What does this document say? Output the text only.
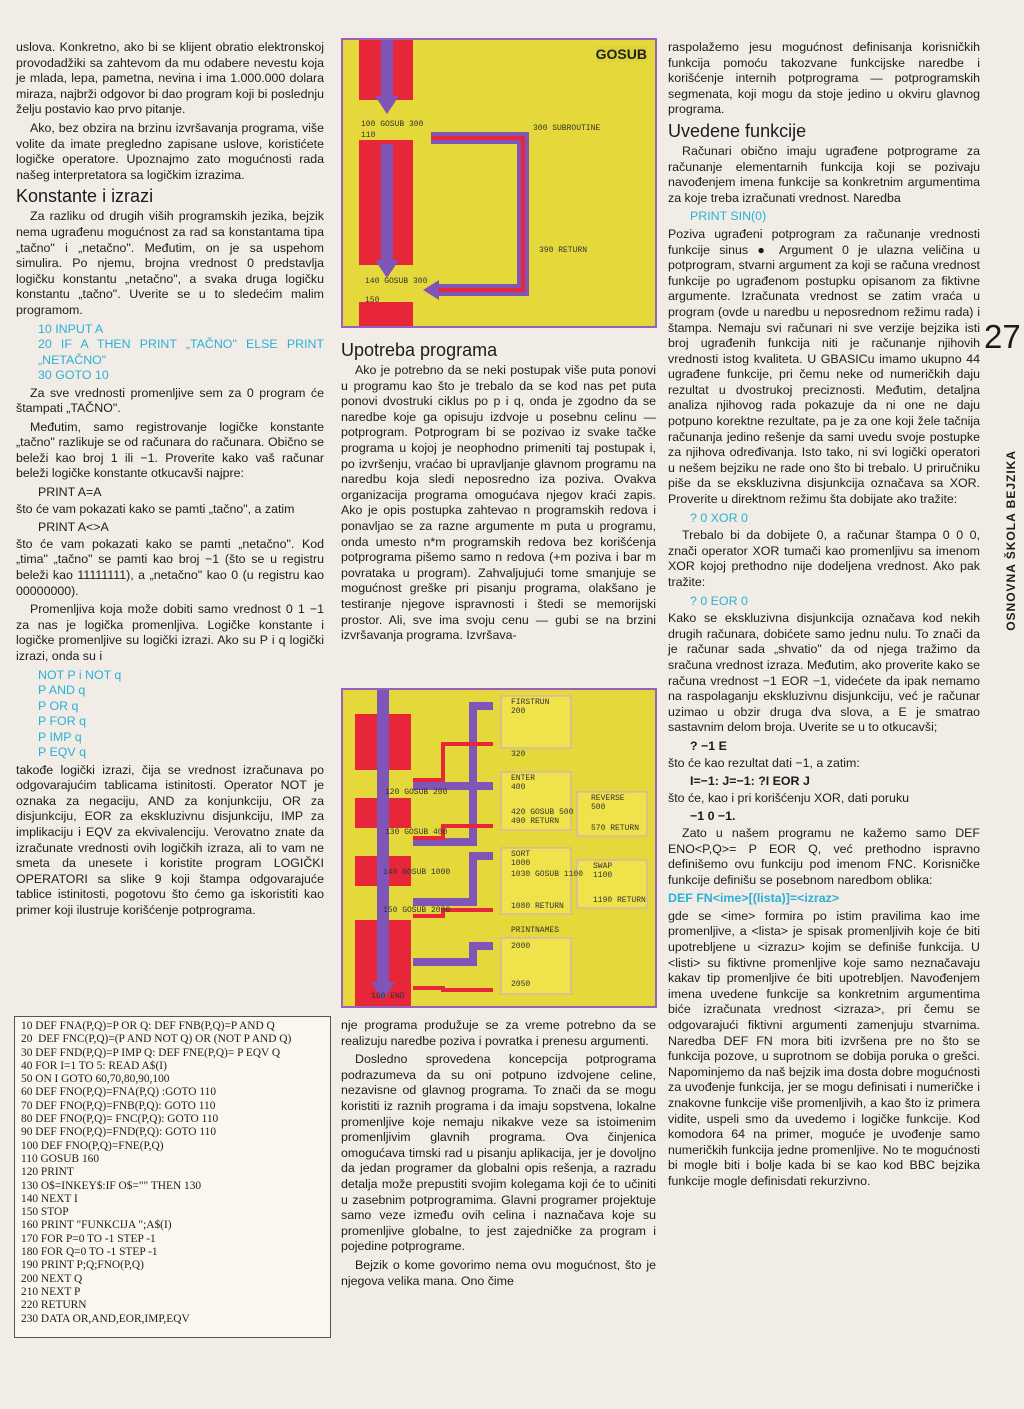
uslova. Konkretno, ako bi se klijent obratio elektronskoj provodadžiki sa zahtevom da mu odabere nevestu koja je mlada, lepa, pametna, nevina i ima 1.000.000 dolara miraza, najbrži odgovor bi dao program koji bi poslednju želju postavio kao prvo pitanje.

Ako, bez obzira na brzinu izvršavanja programa, više volite da imate pregledno zapisane uslove, koristićete logičke operatore. Upoznajmo zato mogućnosti rada našeg interpretatora sa logičkim izrazima.

Konstante i izrazi

Za razliku od drugih viših programskih jezika, bejzik nema ugrađenu mogućnost za rad sa konstantama tipa „tačno" i „netačno". Međutim, on je sa uspehom simulira. Po njemu, brojna vrednost 0 predstavlja logičku konstantu „netačno", a svaka druga logičku konstantu „tačno". Uverite se u to sledećim malim programom.

10 INPUT A
20 IF A THEN PRINT „TAČNO" ELSE PRINT „NETAČNO"
30 GOTO 10

Za sve vrednosti promenljive sem za 0 program će štampati „TAČNO".

Međutim, samo registrovanje logičke konstante „tačno" razlikuje se od računara do računara. Obično se beleži kao broj 1 ili −1. Proverite kako vaš računar beleži logičke konstante otkucavši najpre:

PRINT A=A

što će vam pokazati kako se pamti „tačno", a zatim

PRINT A<>A

što će vam pokazati kako se pamti „netačno". Kod „tima" „tačno" se pamti kao broj −1 (što se u registru beleži kao 11111111), a „netačno" kao 0 (u registru kao 00000000).

Promenljiva koja može dobiti samo vrednost 0 1 −1 za nas je logička promenljiva. Logičke konstante i logičke promenljive su logički izrazi. Ako su P i q logički izrazi, onda su i

NOT P i NOT q
P AND q
P OR q
P FOR q
P IMP q
P EQV q

takođe logički izrazi, čija se vrednost izračunava po odgovarajućim tablicama istinitosti. Operator NOT je oznaka za negaciju, AND za konjunkciju, OR za disjunkciju, EOR za ekskluzivnu disjunkciju, IMP za implikaciju i EQV za ekvivalenciju. Verovatno znate da izračunate vrednosti ovih logičkih izraza, ali to vam ne smeta da unesete i koristite program LOGIČKI OPERATORI sa slike 9 koji štampa odgovarajuće tablice istinitosti, pogotovu što ćemo ga iskoristiti kao primer koji ilustruje korišćenje potprograma.

10 DEF FNA(P,Q)=P OR Q: DEF FNB(P,Q)=P AND Q
20  DEF FNC(P,Q)=(P AND NOT Q) OR (NOT P AND Q)
30 DEF FND(P,Q)=P IMP Q: DEF FNE(P,Q)= P EQV Q
40 FOR I=1 TO 5: READ A$(I)
50 ON I GOTO 60,70,80,90,100
60 DEF FNO(P,Q)=FNA(P,Q) :GOTO 110
70 DEF FNO(P,Q)=FNB(P,Q): GOTO 110
80 DEF FNO(P,Q)= FNC(P,Q): GOTO 110
90 DEF FNO(P,Q)=FND(P,Q): GOTO 110
100 DEF FNO(P,Q)=FNE(P,Q)
110 GOSUB 160
120 PRINT
130 O$=INKEY$:IF O$="" THEN 130
140 NEXT I
150 STOP
160 PRINT "FUNKCIJA ";A$(I)
170 FOR P=0 TO -1 STEP -1
180 FOR Q=0 TO -1 STEP -1
190 PRINT P;Q;FNO(P,Q)
200 NEXT Q
210 NEXT P
220 RETURN
230 DATA OR,AND,EOR,IMP,EQV
GOSUB
100 GOSUB 300
110
300 SUBROUTINE
390 RETURN
140 GOSUB 300
150
Upotreba programa

Ako je potrebno da se neki postupak više puta ponovi u programu kao što je trebalo da se kod nas pet puta ponovi dvostruki ciklus po p i q, onda je zgodno da se naredbe koje ga opisuju izdvoje u posebnu celinu — potprogram. Potprogram bi se pozivao iz svake tačke programa u kojoj je neophodno primeniti taj postupak i, po izvršenju, vraćao bi upravljanje glavnom programu na naredbu koja sledi neposredno iza poziva. Ovakva organizacija programa omogućava njegov kraći zapis. Ako je opis postupka zahtevao n programskih redova i ponavljao se za razne argumente m puta u programu, onda umesto n*m programskih redova bez korišćenja potprograma pišemo samo n redova (+m poziva i bar m povrataka u program). Zahvaljujući tome smanjuje se mogućnost greške pri pisanju programa, olakšano je testiranje njegove ispravnosti i štedi se memorijski prostor. Ali, sve ima svoju cenu — gubi se na brzini izvršavanja programa. Izvršava-

FIRSTRUN
200
320
ENTER
400
120 GOSUB 200
420 GOSUB 500
490 RETURN
REVERSE
500
570 RETURN
130 GOSUB 400
SORT
1000
1030 GOSUB 1100
SWAP
1100
1190 RETURN
140 GOSUB 1000
1080 RETURN
PRINTNAMES
2000
150 GOSUB 2000
2050
160 END

nje programa produžuje se za vreme potrebno da se realizuju naredbe poziva i povratka i prenesu argumenti.

Dosledno sprovedena koncepcija potprograma podrazumeva da su oni potpuno izdvojene celine, nezavisne od glavnog programa. To znači da se mogu koristiti iz raznih programa i da imaju sopstvena, lokalne promenljive koje nemaju nikakve veze sa istoimenim promenljivim glavnih programa. Ova činjenica omogućava timski rad u pisanju aplikacija, jer je dovoljno da jedan programer da globalni opis rešenja, a razradu detalja može prepustiti svojim kolegama koji će to učiniti u zasebnim potprogramima. Glavni programer projektuje samo veze između ovih celina i naznačava koje su promenljive globalne, to jest zajedničke za program i pojedine potprograme.

Bejzik o kome govorimo nema ovu mogućnost, što je njegova velika mana. Ono čime

raspolažemo jesu mogućnost definisanja korisničkih funkcija pomoću takozvane funkcijske naredbe i korišćenje internih potprograma — potprogramskih segmenata, koji mogu da stoje jedino u okviru glavnog programa.

Uvedene funkcije

Računari obično imaju ugrađene potprograme za računanje elementarnih funkcija koji se pozivaju navođenjem imena funkcije sa konkretnim argumentima za koje treba izračunati vrednost. Naredba

PRINT SIN(0)

Poziva ugrađeni potprogram za računanje vrednosti funkcije sinus ● Argument 0 je ulazna veličina u potprogram, stvarni argument za koji se računa vrednost funkcije po ugrađenom postupku opisanom za fiktivne argumente. Izračunata vrednost se zatim vraća u program (ovde u naredbu u neposrednom režimu rada) i štampa. Nemaju svi računari ni sve verzije bejzika isti broj ugrađenih funkcija niti je računanje njihovih vrednosti istog kvaliteta. U GBASICu imamo ukupno 44 ugrađene funkcije, pri čemu neke od numeričkih daju rezultat u dvostrukoj preciznosti. Međutim, detaljna analiza njihovog rada pokazuje da ni one ne daju potpuno korektne rezultate, pa je za one koji žele tačnija računanja jedino rešenje da sami uvedu svoje postupke za njihova određivanja. Isto tako, ni svi logički operatori u nešem bejziku ne rade ono što bi trebalo. U priručniku piše da se ekskluzivna disjunkcija označava sa XOR. Proverite u direktnom režimu šta dobijate ako tražite:

? 0 XOR 0

Trebalo bi da dobijete 0, a računar štampa 0 0 0, znači operator XOR tumači kao promenljivu sa imenom XOR kojoj prethodno nije dodeljena vrednost. Ako pak tražite:

? 0 EOR 0

Kako se ekskluzivna disjunkcija označava kod nekih drugih računara, dobićete samo jednu nulu. To znači da je računar sada „shvatio" da od njega tražimo da sračuna vrednost izraza. Međutim, ako proverite kako se računa vrednost −1 EOR −1, videćete da ipak nemamo na raspolaganju ekskluzivnu disjunkciju, već je računar uzimao u obzir druga dva slova, a E je smatrao sastavnim delom broja. Uverite se u to otkucavši;

? −1 E

što će kao rezultat dati −1, a zatim:

I=−1: J=−1: ?I EOR J

što će, kao i pri korišćenju XOR, dati poruku

−1 0 −1.

Zato u našem programu ne kažemo samo DEF ENO<P,Q>= P EOR Q, već prethodno ispravno definišemo ovu funkciju pod imenom FNC. Korisničke funkcije definišu se posebnom naredbom oblika:

DEF FN<ime>[(lista)]=<izraz>

gde se <ime> formira po istim pravilima kao ime promenljive, a <lista> je spisak promenljivih koje će biti upotrebljene u <izrazu> kojim se definiše funkcija. U <listi> su fiktivne promenljive koje samo neznačavaju kakav tip promenljive će biti upotrebljen. Navođenjem imena uvedene funkcije sa konkretnim argumentima biće izračunata vrednost <izraza>, pri čemu se odgovarajući fiktivni argumenti zamenjuju stvarnima. Naredba DEF FN mora biti izvršena pre no što se funkcija pozove, u suprotnom se dobija poruka o grešci. Napominjemo da naš bejzik ima dosta dobre mogućnosti za uvođenje funkcija, jer se mogu definisati i numeričke i znakovne funkcije više promenljivih, a kao što iz primera vidite, uspeli smo da uvedemo i logičke funkcije. Kod komodora 64 na primer, moguće je uvođenje samo numeričkih funkcija jedne promenljive. No te mogućnosti bi mogle biti i bolje kada bi se kao kod BBC bejzika funkcije mogle definisdati rekurzivno.

27
OSNOVNA ŠKOLA BEJZIKA
